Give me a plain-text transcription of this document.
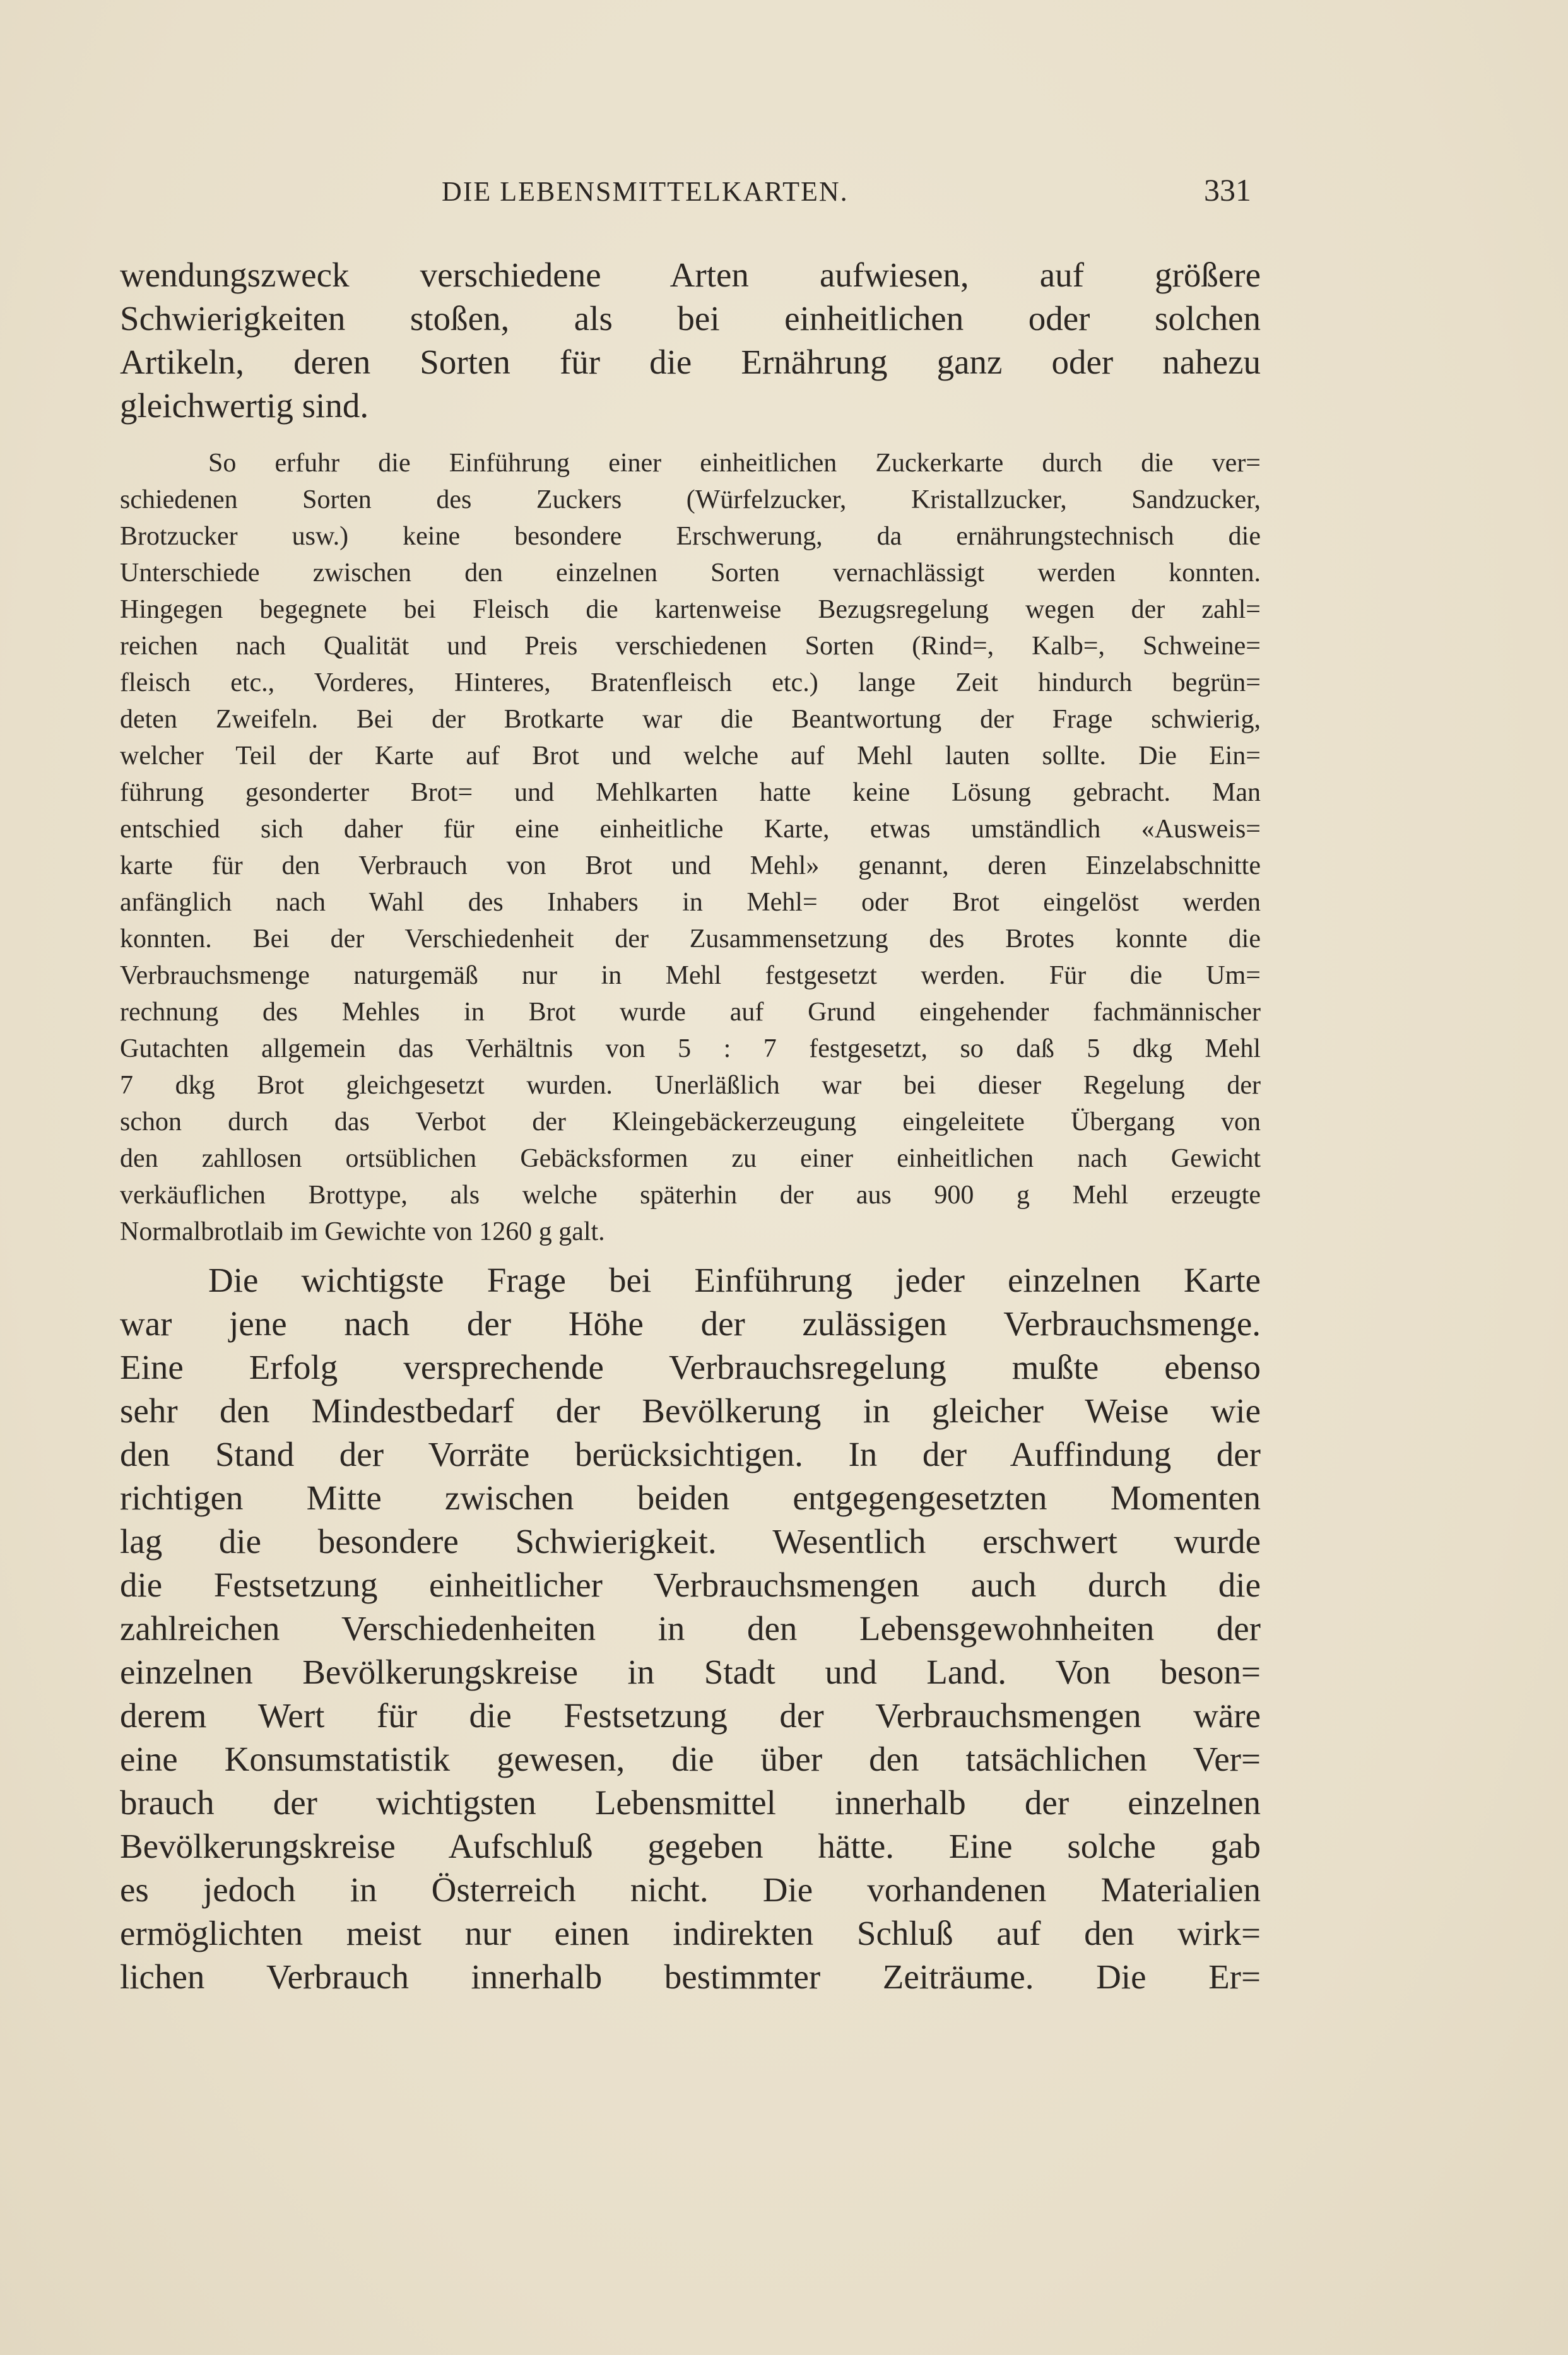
DIE LEBENSMITTELKARTEN.	331
wendungszweck verschiedene Arten aufwiesen, auf größere
Schwierigkeiten stoßen, als bei einheitlichen oder solchen
Artikeln, deren Sorten für die Ernährung ganz oder nahezu
gleichwertig sind.
So erfuhr die Einführung einer einheitlichen Zuckerkarte durch die ver=
schiedenen Sorten des Zuckers (Würfelzucker, Kristallzucker, Sandzucker,
Brotzucker usw.) keine besondere Erschwerung, da ernährungstechnisch die
Unterschiede zwischen den einzelnen Sorten vernachlässigt werden konnten.
Hingegen begegnete bei Fleisch die kartenweise Bezugsregelung wegen der zahl=
reichen nach Qualität und Preis verschiedenen Sorten (Rind=, Kalb=, Schweine=
fleisch etc., Vorderes, Hinteres, Bratenfleisch etc.) lange Zeit hindurch begrün=
deten Zweifeln. Bei der Brotkarte war die Beantwortung der Frage schwierig,
welcher Teil der Karte auf Brot und welche auf Mehl lauten sollte. Die Ein=
führung gesonderter Brot= und Mehlkarten hatte keine Lösung gebracht. Man
entschied sich daher für eine einheitliche Karte, etwas umständlich «Ausweis=
karte für den Verbrauch von Brot und Mehl» genannt, deren Einzelabschnitte
anfänglich nach Wahl des Inhabers in Mehl= oder Brot eingelöst werden
konnten. Bei der Verschiedenheit der Zusammensetzung des Brotes konnte die
Verbrauchsmenge naturgemäß nur in Mehl festgesetzt werden. Für die Um=
rechnung des Mehles in Brot wurde auf Grund eingehender fachmännischer
Gutachten allgemein das Verhältnis von 5 : 7 festgesetzt, so daß 5 dkg Mehl
7 dkg Brot gleichgesetzt wurden. Unerläßlich war bei dieser Regelung der
schon durch das Verbot der Kleingebäckerzeugung eingeleitete Übergang von
den zahllosen ortsüblichen Gebäcksformen zu einer einheitlichen nach Gewicht
verkäuflichen Brottype, als welche späterhin der aus 900 g Mehl erzeugte
Normalbrotlaib im Gewichte von 1260 g galt.
Die wichtigste Frage bei Einführung jeder einzelnen Karte
war jene nach der Höhe der zulässigen Verbrauchsmenge.
Eine Erfolg versprechende Verbrauchsregelung mußte ebenso
sehr den Mindestbedarf der Bevölkerung in gleicher Weise wie
den Stand der Vorräte berücksichtigen. In der Auffindung der
richtigen Mitte zwischen beiden entgegengesetzten Momenten
lag die besondere Schwierigkeit. Wesentlich erschwert wurde
die Festsetzung einheitlicher Verbrauchsmengen auch durch die
zahlreichen Verschiedenheiten in den Lebensgewohnheiten der
einzelnen Bevölkerungskreise in Stadt und Land. Von beson=
derem Wert für die Festsetzung der Verbrauchsmengen wäre
eine Konsumstatistik gewesen, die über den tatsächlichen Ver=
brauch der wichtigsten Lebensmittel innerhalb der einzelnen
Bevölkerungskreise Aufschluß gegeben hätte. Eine solche gab
es jedoch in Österreich nicht. Die vorhandenen Materialien
ermöglichten meist nur einen indirekten Schluß auf den wirk=
lichen Verbrauch innerhalb bestimmter Zeiträume. Die Er=
